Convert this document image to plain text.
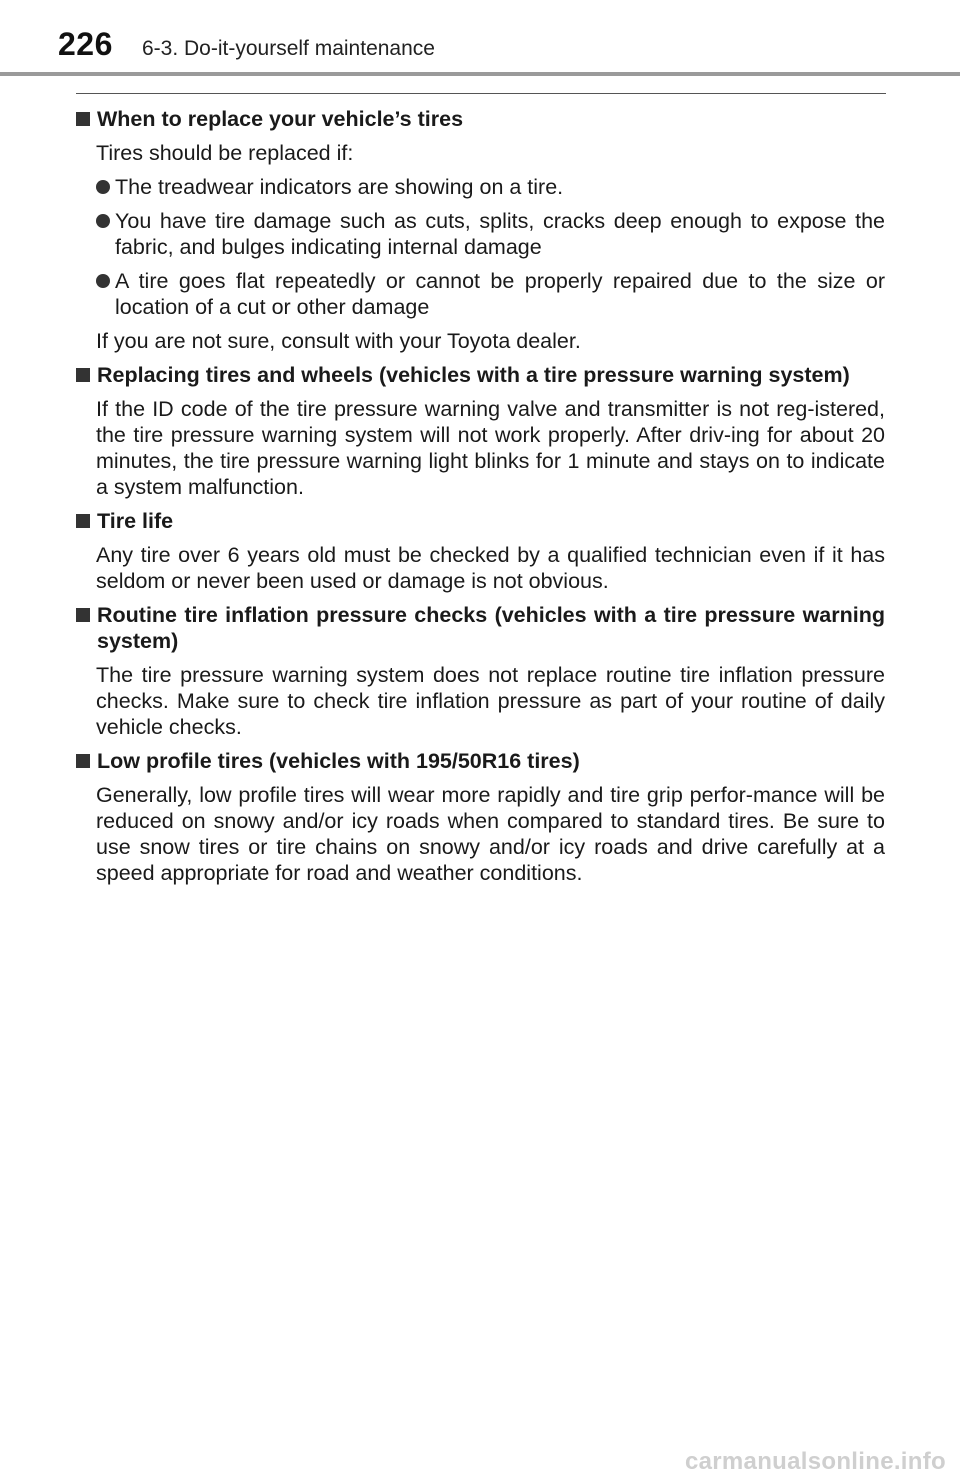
226 6-3. Do-it-yourself maintenance
When to replace your vehicle’s tires
Tires should be replaced if:
The treadwear indicators are showing on a tire.
You have tire damage such as cuts, splits, cracks deep enough to expose the fabric, and bulges indicating internal damage
A tire goes flat repeatedly or cannot be properly repaired due to the size or location of a cut or other damage
If you are not sure, consult with your Toyota dealer.
Replacing tires and wheels (vehicles with a tire pressure warning system)
If the ID code of the tire pressure warning valve and transmitter is not reg-istered, the tire pressure warning system will not work properly. After driv-ing for about 20 minutes, the tire pressure warning light blinks for 1 minute and stays on to indicate a system malfunction.
Tire life
Any tire over 6 years old must be checked by a qualified technician even if it has seldom or never been used or damage is not obvious.
Routine tire inflation pressure checks (vehicles with a tire pressure warning system)
The tire pressure warning system does not replace routine tire inflation pressure checks. Make sure to check tire inflation pressure as part of your routine of daily vehicle checks.
Low profile tires (vehicles with 195/50R16 tires)
Generally, low profile tires will wear more rapidly and tire grip perfor-mance will be reduced on snowy and/or icy roads when compared to standard tires. Be sure to use snow tires or tire chains on snowy and/or icy roads and drive carefully at a speed appropriate for road and weather conditions.
carmanualsonline.info
